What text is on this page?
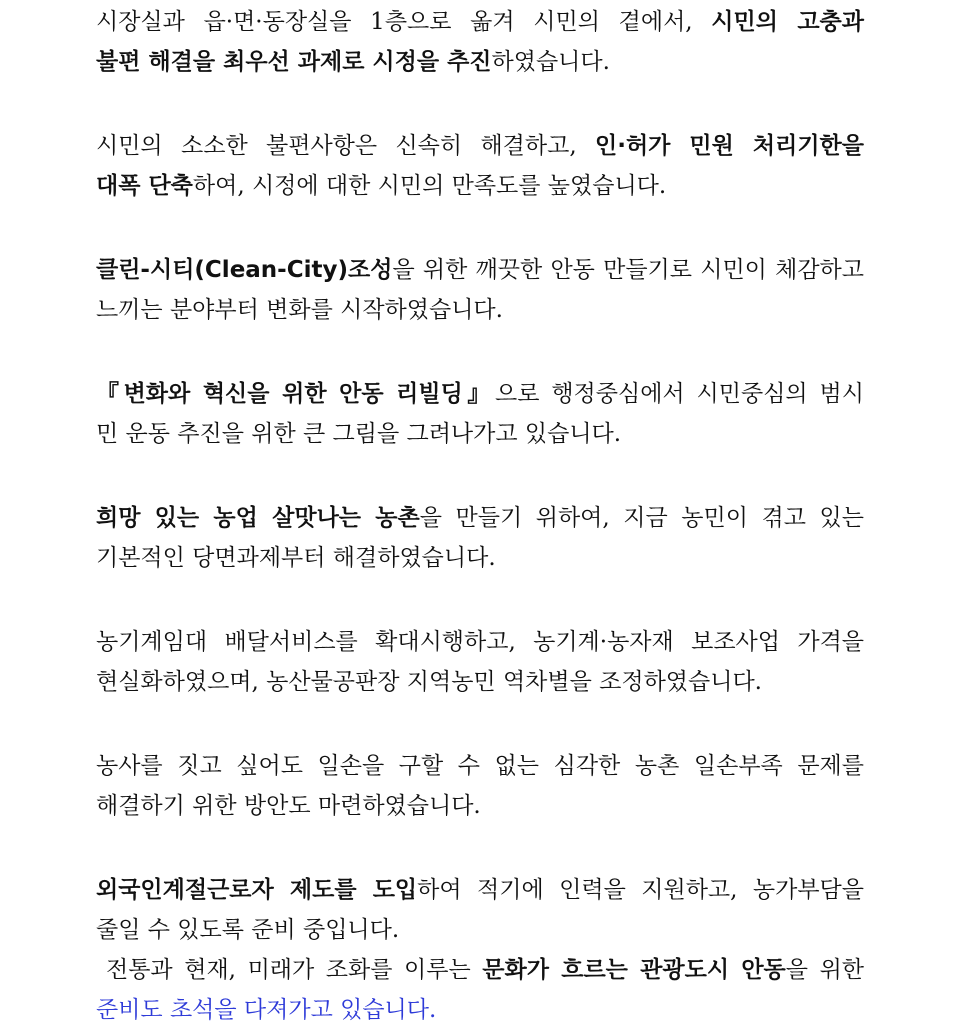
시장실과 읍·면·동장실을 1층으로 옮겨 시민의 곁에서, 시민의 고충과
불편 해결을 최우선 과제로 시정을 추진하였습니다.
시민의 소소한 불편사항은 신속히 해결하고, 인·허가 민원 처리기한을
대폭 단축하여, 시정에 대한 시민의 만족도를 높였습니다.
클린-시티(Clean-City)조성을 위한 깨끗한 안동 만들기로 시민이 체감하고
느끼는 분야부터 변화를 시작하였습니다.
『변화와 혁신을 위한 안동 리빌딩』으로 행정중심에서 시민중심의 범시
민 운동 추진을 위한 큰 그림을 그려나가고 있습니다.
희망 있는 농업 살맛나는 농촌을 만들기 위하여, 지금 농민이 겪고 있는
기본적인 당면과제부터 해결하였습니다.
농기계임대 배달서비스를 확대시행하고, 농기계·농자재 보조사업 가격을
현실화하였으며, 농산물공판장 지역농민 역차별을 조정하였습니다.
농사를 짓고 싶어도 일손을 구할 수 없는 심각한 농촌 일손부족 문제를
해결하기 위한 방안도 마련하였습니다.
외국인계절근로자 제도를 도입하여 적기에 인력을 지원하고, 농가부담을
줄일 수 있도록 준비 중입니다.
전통과 현재, 미래가 조화를 이루는 문화가 흐르는 관광도시 안동을 위한
준비도 초석을 다져가고 있습니다.
